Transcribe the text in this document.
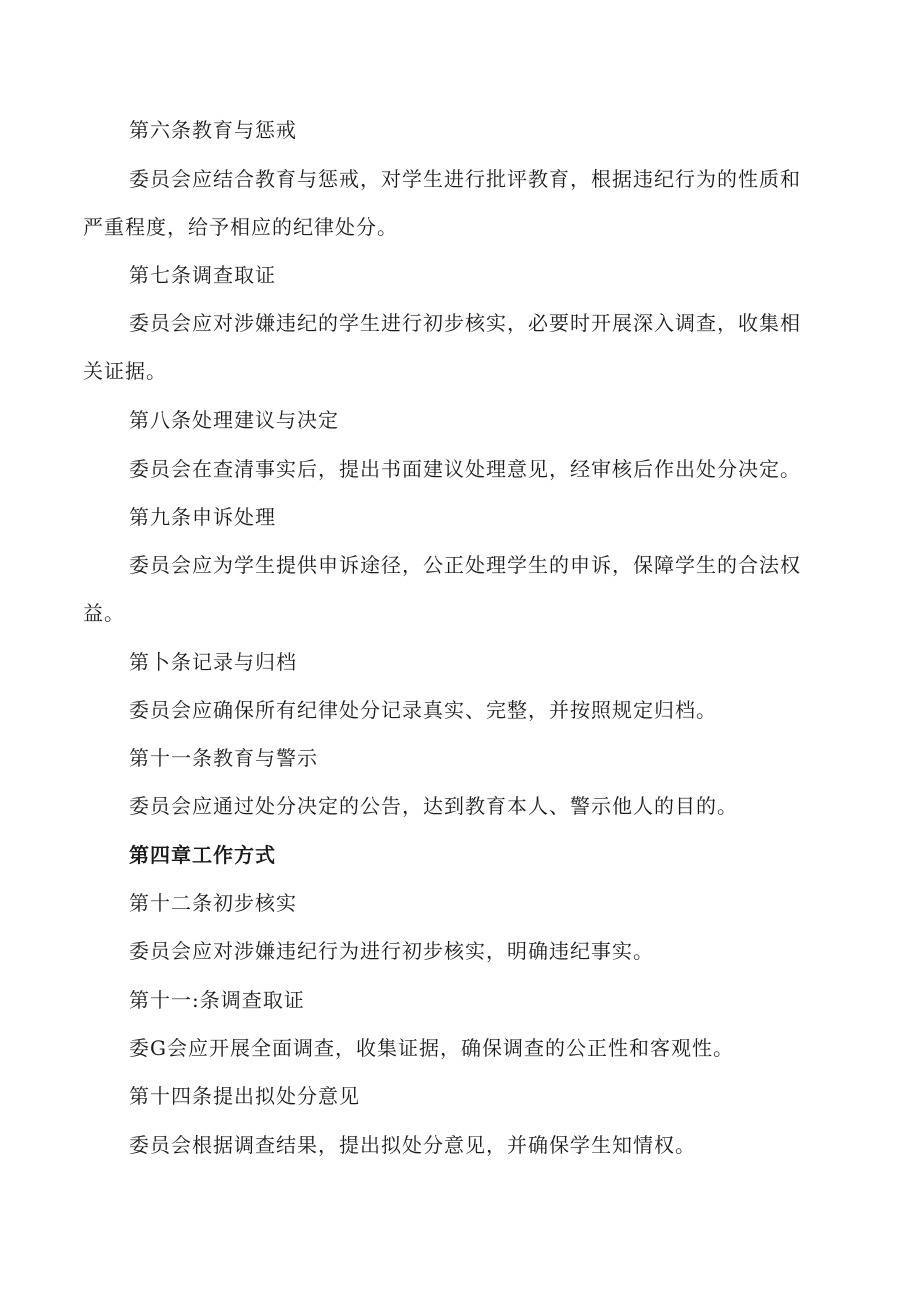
第六条教育与惩戒
委员会应结合教育与惩戒，对学生进行批评教育，根据违纪行为的性质和
严重程度，给予相应的纪律处分。
第七条调查取证
委员会应对涉嫌违纪的学生进行初步核实，必要时开展深入调查，收集相
关证据。
第八条处理建议与决定
委员会在查清事实后，提出书面建议处理意见，经审核后作出处分决定。
第九条申诉处理
委员会应为学生提供申诉途径，公正处理学生的申诉，保障学生的合法权
益。
第卜条记录与归档
委员会应确保所有纪律处分记录真实、完整，并按照规定归档。
第十一条教育与警示
委员会应通过处分决定的公告，达到教育本人、警示他人的目的。
第四章工作方式
第十二条初步核实
委员会应对涉嫌违纪行为进行初步核实，明确违纪事实。
第十一:条调查取证
委G会应开展全面调查，收集证据，确保调查的公正性和客观性。
第十四条提出拟处分意见
委员会根据调查结果，提出拟处分意见，并确保学生知情权。
